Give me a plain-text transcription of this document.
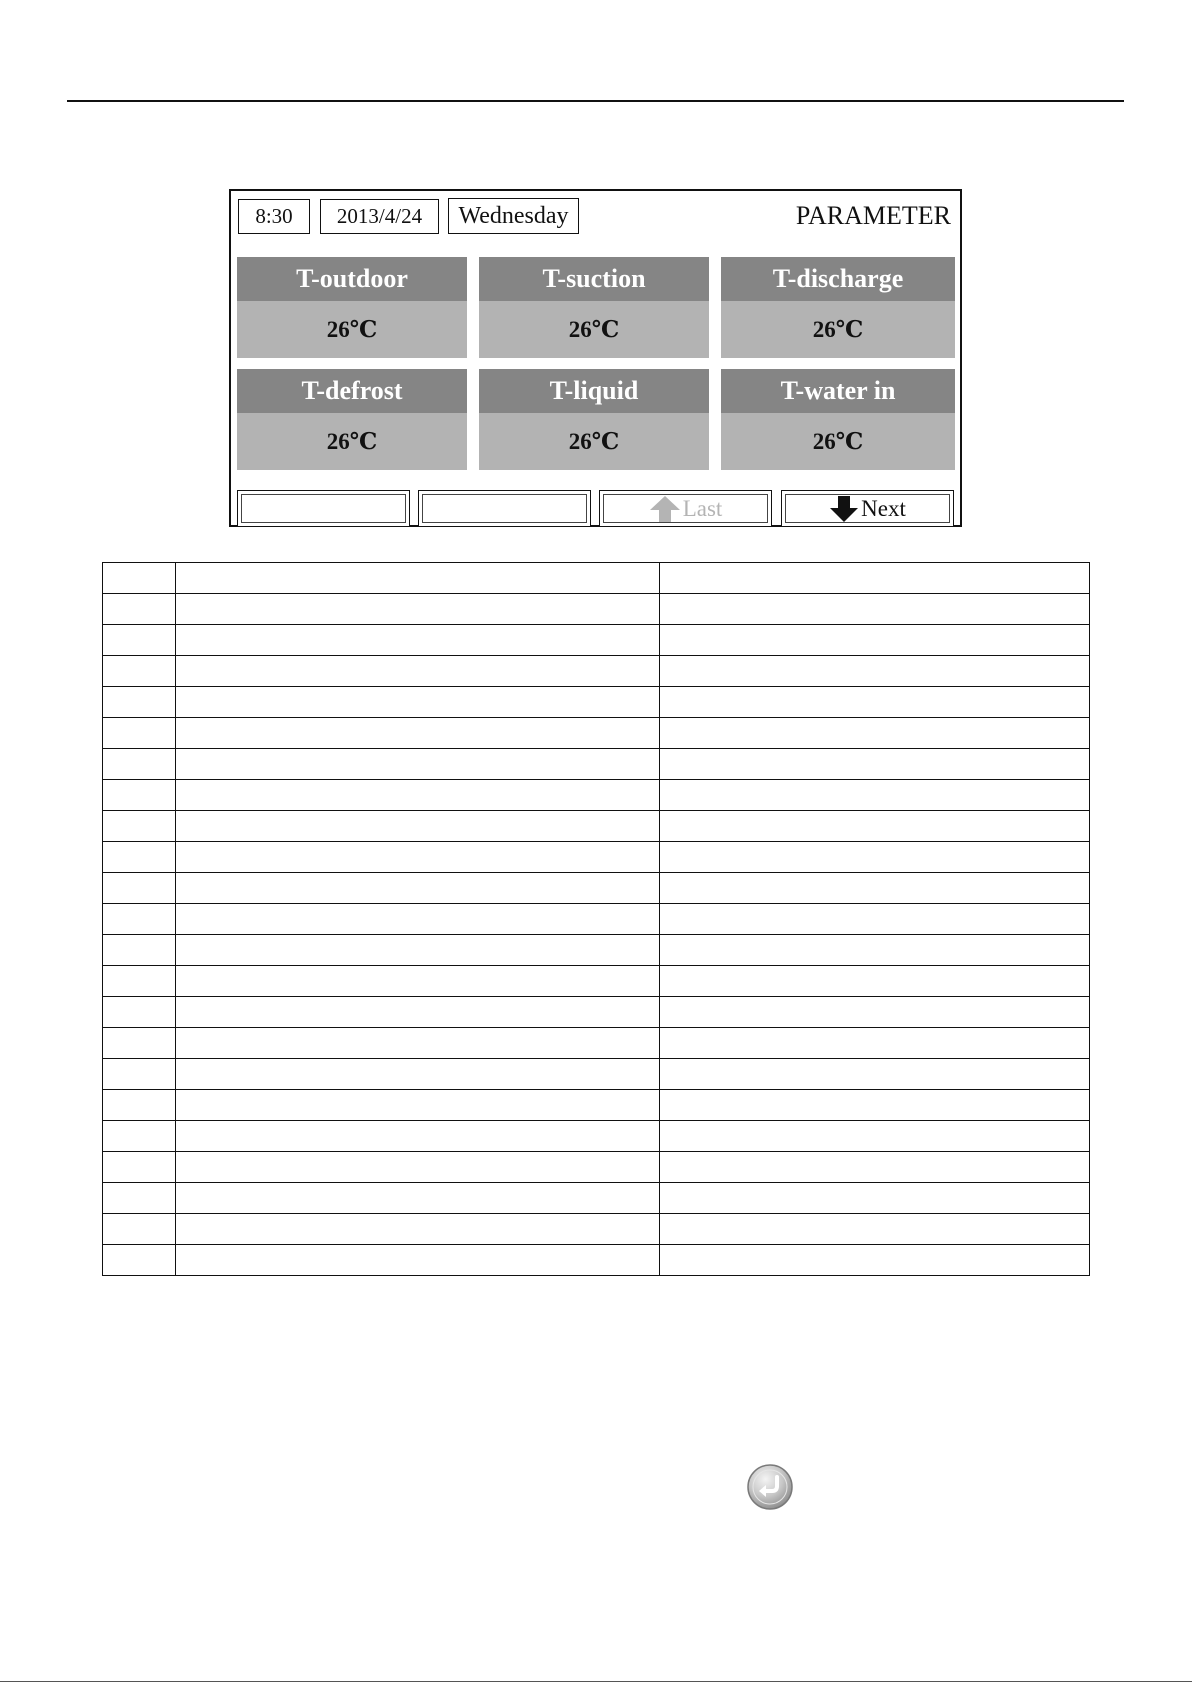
8:30	2013/4/24	Wednesday	PARAMETER
T-outdoor
26℃
T-suction
26℃
T-discharge
26℃
T-defrost
26℃
T-liquid
26℃
T-water in
26℃
Last	Next
